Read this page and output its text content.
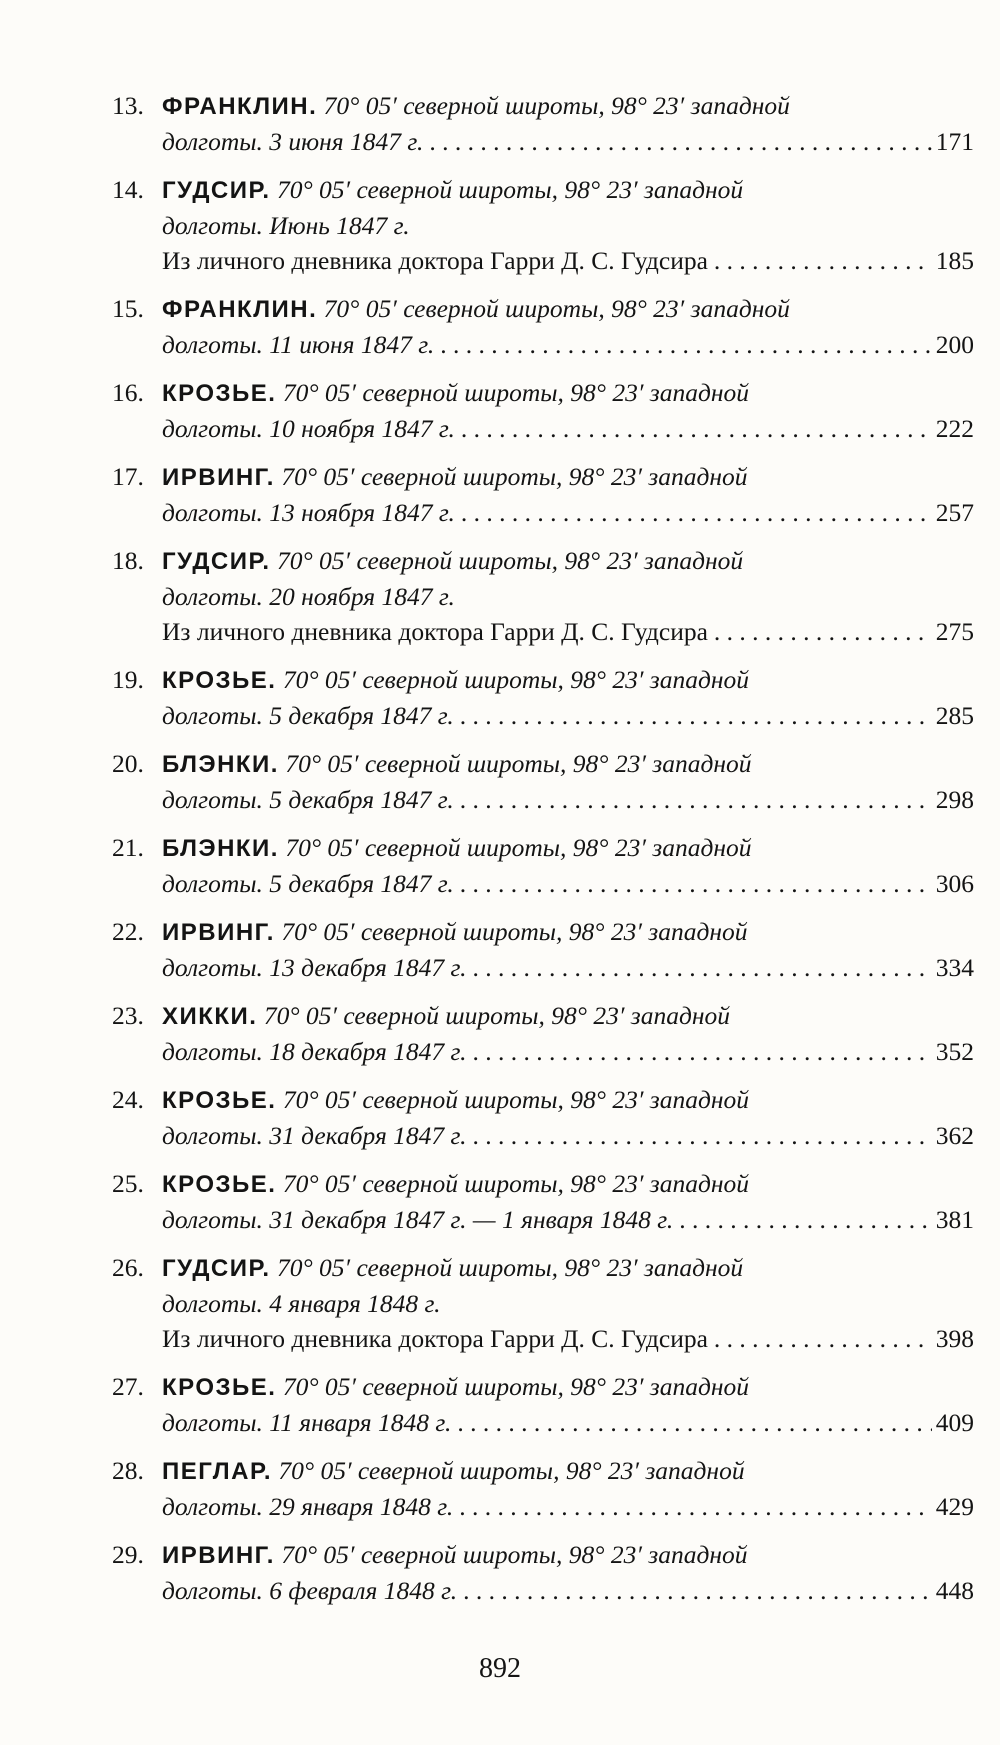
13. ФРАНКЛИН. 70° 05′ северной широты, 98° 23′ западной
долготы. 3 июня 1847 г. . . .	171
14. ГУДСИР. 70° 05′ северной широты, 98° 23′ западной
долготы. Июнь 1847 г.
Из личного дневника доктора Гарри Д. С. Гудсира . . .	185
15. ФРАНКЛИН. 70° 05′ северной широты, 98° 23′ западной
долготы. 11 июня 1847 г. . . .	200
16. КРОЗЬЕ. 70° 05′ северной широты, 98° 23′ западной
долготы. 10 ноября 1847 г. . . .	222
17. ИРВИНГ. 70° 05′ северной широты, 98° 23′ западной
долготы. 13 ноября 1847 г. . . .	257
18. ГУДСИР. 70° 05′ северной широты, 98° 23′ западной
долготы. 20 ноября 1847 г.
Из личного дневника доктора Гарри Д. С. Гудсира . . .	275
19. КРОЗЬЕ. 70° 05′ северной широты, 98° 23′ западной
долготы. 5 декабря 1847 г. . . .	285
20. БЛЭНКИ. 70° 05′ северной широты, 98° 23′ западной
долготы. 5 декабря 1847 г. . . .	298
21. БЛЭНКИ. 70° 05′ северной широты, 98° 23′ западной
долготы. 5 декабря 1847 г. . . .	306
22. ИРВИНГ. 70° 05′ северной широты, 98° 23′ западной
долготы. 13 декабря 1847 г. . . .	334
23. ХИККИ. 70° 05′ северной широты, 98° 23′ западной
долготы. 18 декабря 1847 г. . . .	352
24. КРОЗЬЕ. 70° 05′ северной широты, 98° 23′ западной
долготы. 31 декабря 1847 г. . . .	362
25. КРОЗЬЕ. 70° 05′ северной широты, 98° 23′ западной
долготы. 31 декабря 1847 г. — 1 января 1848 г. . . .	381
26. ГУДСИР. 70° 05′ северной широты, 98° 23′ западной
долготы. 4 января 1848 г.
Из личного дневника доктора Гарри Д. С. Гудсира . . .	398
27. КРОЗЬЕ. 70° 05′ северной широты, 98° 23′ западной
долготы. 11 января 1848 г. . . .	409
28. ПЕГЛАР. 70° 05′ северной широты, 98° 23′ западной
долготы. 29 января 1848 г. . . .	429
29. ИРВИНГ. 70° 05′ северной широты, 98° 23′ западной
долготы. 6 февраля 1848 г. . . .	448
892
